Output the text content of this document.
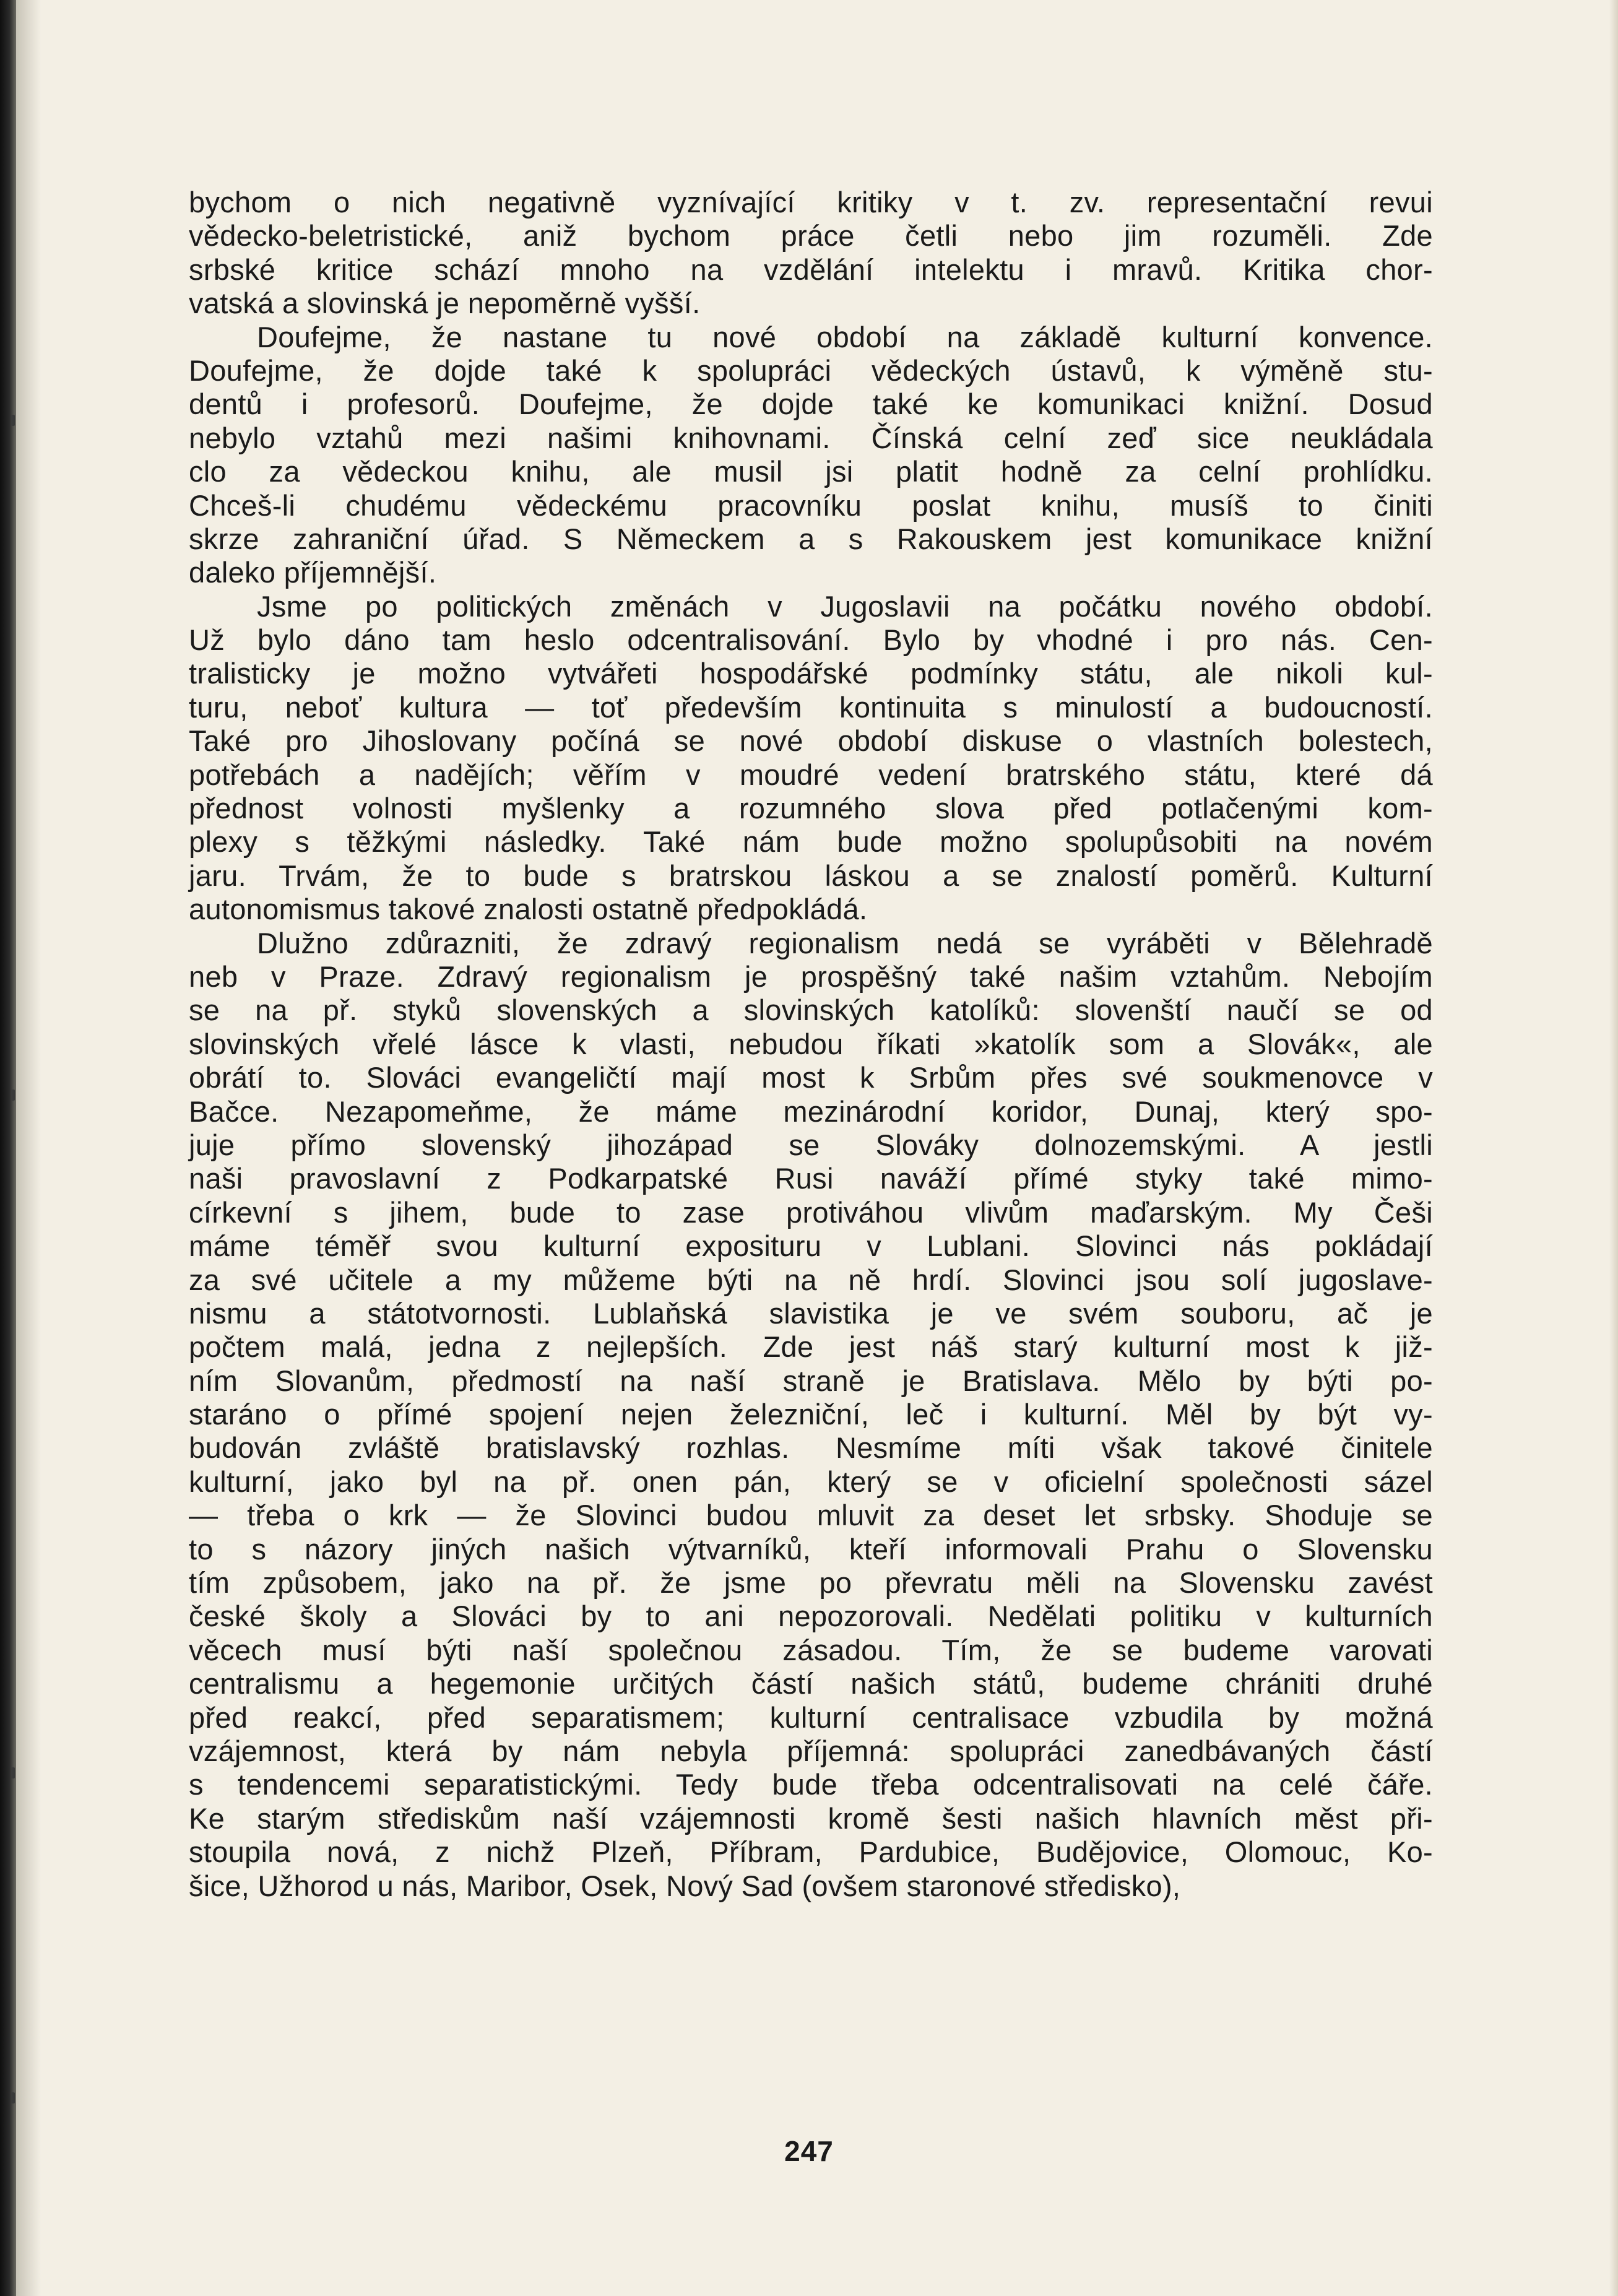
bychom o nich negativně vyznívající kritiky v t. zv. representační revui
vědecko-beletristické, aniž bychom práce četli nebo jim rozuměli. Zde
srbské kritice schází mnoho na vzdělání intelektu i mravů. Kritika chor-
vatská a slovinská je nepoměrně vyšší.
Doufejme, že nastane tu nové období na základě kulturní konvence.
Doufejme, že dojde také k spolupráci vědeckých ústavů, k výměně stu-
dentů i profesorů. Doufejme, že dojde také ke komunikaci knižní. Dosud
nebylo vztahů mezi našimi knihovnami. Čínská celní zeď sice neukládala
clo za vědeckou knihu, ale musil jsi platit hodně za celní prohlídku.
Chceš-li chudému vědeckému pracovníku poslat knihu, musíš to činiti
skrze zahraniční úřad. S Německem a s Rakouskem jest komunikace knižní
daleko příjemnější.
Jsme po politických změnách v Jugoslavii na počátku nového období.
Už bylo dáno tam heslo odcentralisování. Bylo by vhodné i pro nás. Cen-
tralisticky je možno vytvářeti hospodářské podmínky státu, ale nikoli kul-
turu, neboť kultura — toť především kontinuita s minulostí a budoucností.
Také pro Jihoslovany počíná se nové období diskuse o vlastních bolestech,
potřebách a nadějích; věřím v moudré vedení bratrského státu, které dá
přednost volnosti myšlenky a rozumného slova před potlačenými kom-
plexy s těžkými následky. Také nám bude možno spolupůsobiti na novém
jaru. Trvám, že to bude s bratrskou láskou a se znalostí poměrů. Kulturní
autonomismus takové znalosti ostatně předpokládá.
Dlužno zdůrazniti, že zdravý regionalism nedá se vyráběti v Bělehradě
neb v Praze. Zdravý regionalism je prospěšný také našim vztahům. Nebojím
se na př. styků slovenských a slovinských katolíků: slovenští naučí se od
slovinských vřelé lásce k vlasti, nebudou říkati »katolík som a Slovák«, ale
obrátí to. Slováci evangeličtí mají most k Srbům přes své soukmenovce v
Bačce. Nezapomeňme, že máme mezinárodní koridor, Dunaj, který spo-
juje přímo slovenský jihozápad se Slováky dolnozemskými. A jestli
naši pravoslavní z Podkarpatské Rusi naváží přímé styky také mimo-
církevní s jihem, bude to zase protiváhou vlivům maďarským. My Češi
máme téměř svou kulturní exposituru v Lublani. Slovinci nás pokládají
za své učitele a my můžeme býti na ně hrdí. Slovinci jsou solí jugoslave-
nismu a státotvornosti. Lublaňská slavistika je ve svém souboru, ač je
počtem malá, jedna z nejlepších. Zde jest náš starý kulturní most k již-
ním Slovanům, předmostí na naší straně je Bratislava. Mělo by býti po-
staráno o přímé spojení nejen železniční, leč i kulturní. Měl by být vy-
budován zvláště bratislavský rozhlas. Nesmíme míti však takové činitele
kulturní, jako byl na př. onen pán, který se v oficielní společnosti sázel
— třeba o krk — že Slovinci budou mluvit za deset let srbsky. Shoduje se
to s názory jiných našich výtvarníků, kteří informovali Prahu o Slovensku
tím způsobem, jako na př. že jsme po převratu měli na Slovensku zavést
české školy a Slováci by to ani nepozorovali. Nedělati politiku v kulturních
věcech musí býti naší společnou zásadou. Tím, že se budeme varovati
centralismu a hegemonie určitých částí našich států, budeme chrániti druhé
před reakcí, před separatismem; kulturní centralisace vzbudila by možná
vzájemnost, která by nám nebyla příjemná: spolupráci zanedbávaných částí
s tendencemi separatistickými. Tedy bude třeba odcentralisovati na celé čáře.
Ke starým střediskům naší vzájemnosti kromě šesti našich hlavních měst při-
stoupila nová, z nichž Plzeň, Příbram, Pardubice, Budějovice, Olomouc, Ko-
šice, Užhorod u nás, Maribor, Osek, Nový Sad (ovšem staronové středisko),
247
